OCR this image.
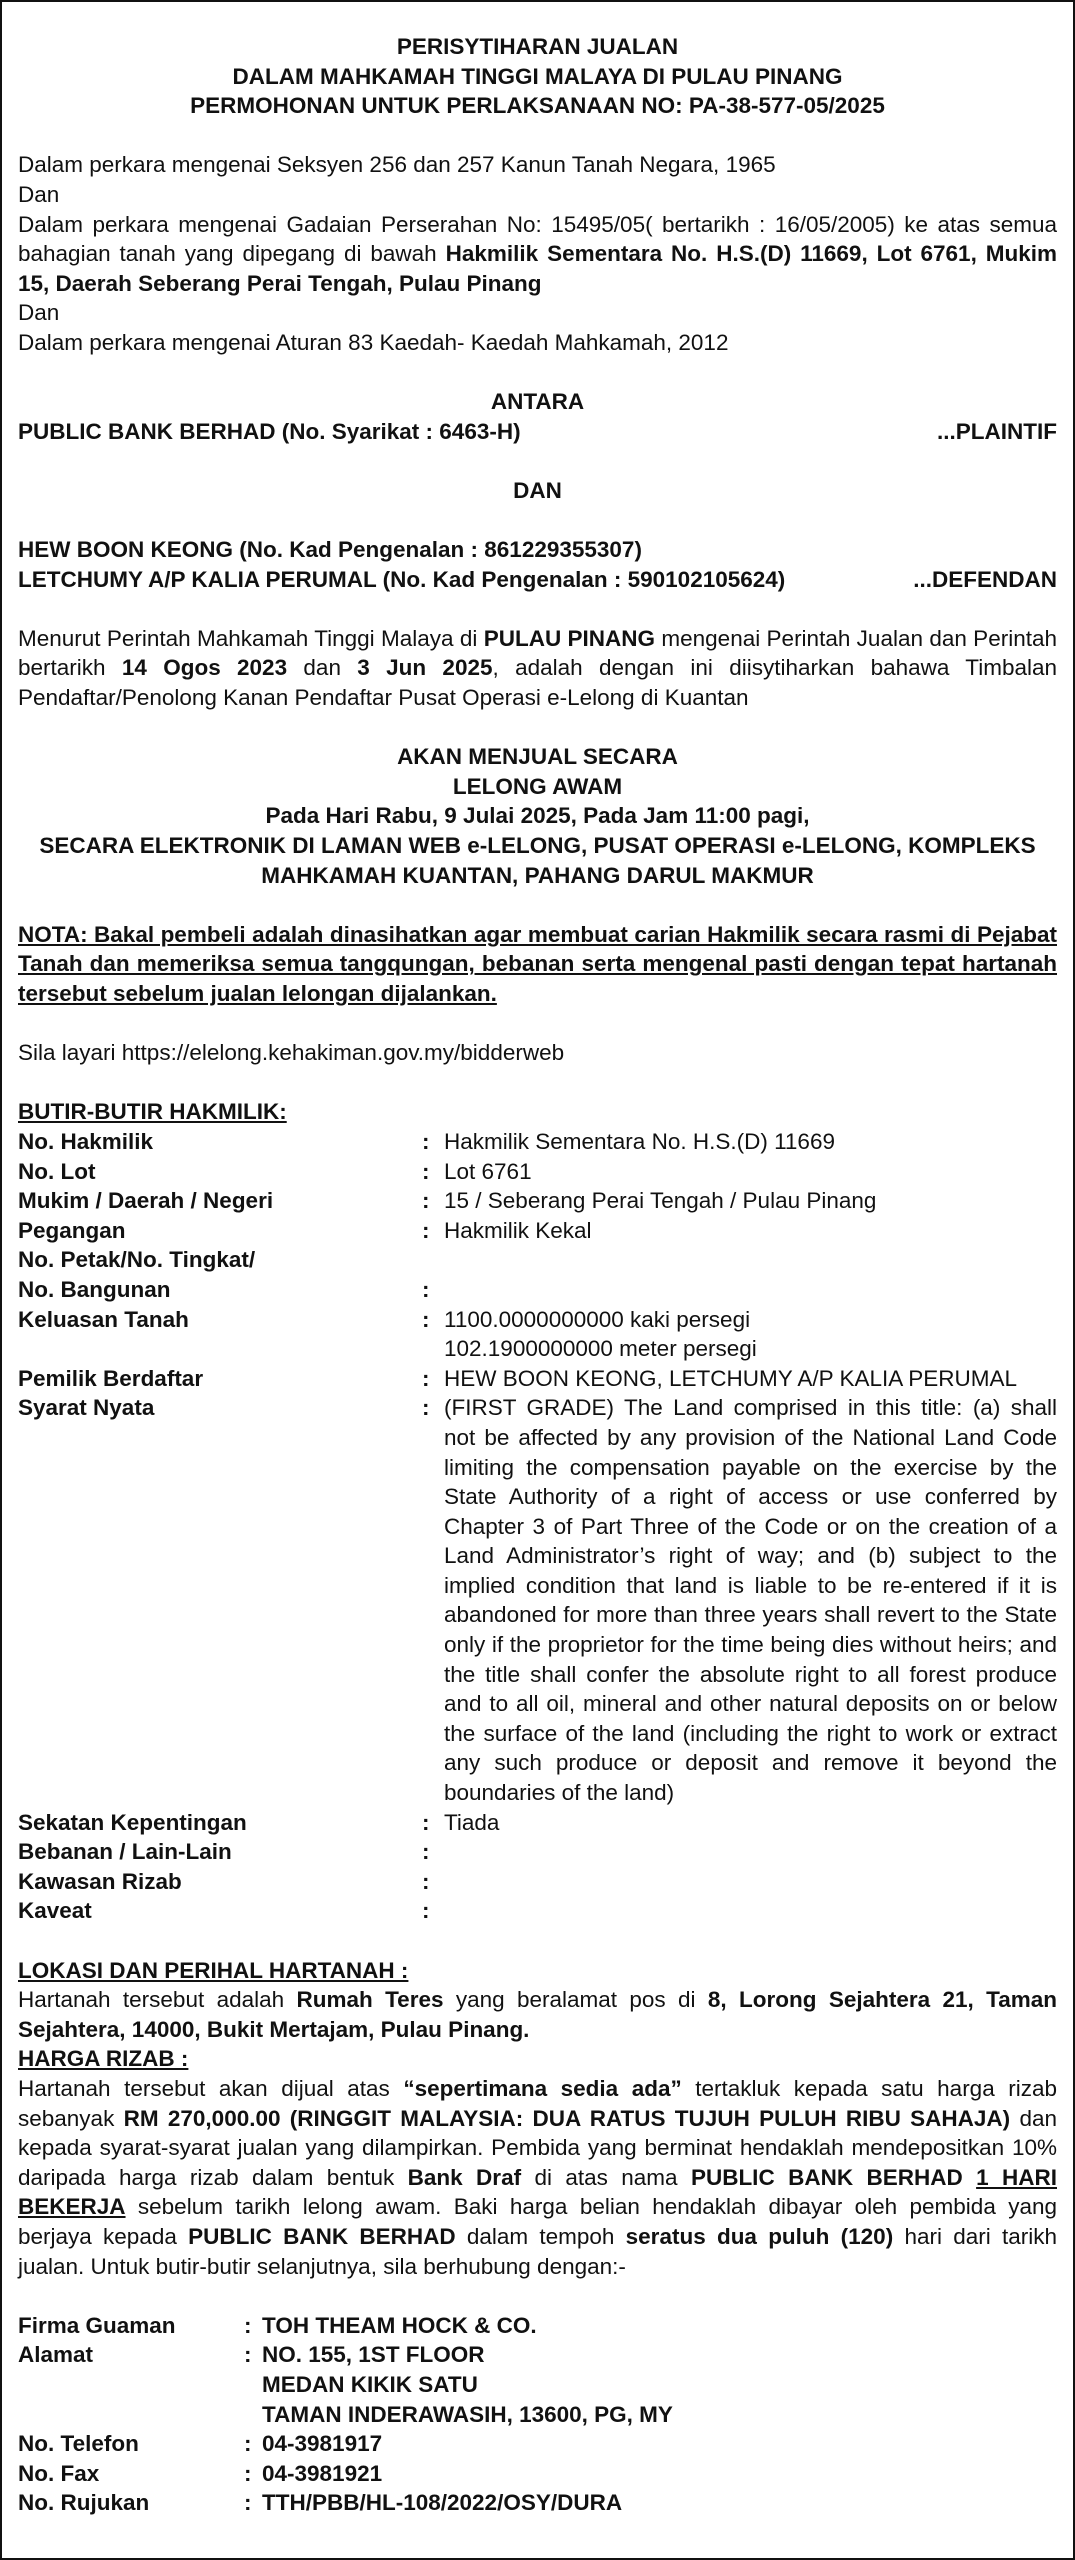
PERISYTIHARAN JUALAN
DALAM MAHKAMAH TINGGI MALAYA DI PULAU PINANG
PERMOHONAN UNTUK PERLAKSANAAN NO: PA-38-577-05/2025
Dalam perkara mengenai Seksyen 256 dan 257 Kanun Tanah Negara, 1965
Dan
Dalam perkara mengenai Gadaian Perserahan No: 15495/05( bertarikh : 16/05/2005) ke atas semua bahagian tanah yang dipegang di bawah Hakmilik Sementara No. H.S.(D) 11669, Lot 6761, Mukim 15, Daerah Seberang Perai Tengah, Pulau Pinang
Dan
Dalam perkara mengenai Aturan 83 Kaedah- Kaedah Mahkamah, 2012
ANTARA
PUBLIC BANK BERHAD (No. Syarikat : 6463-H)	...PLAINTIF
DAN
HEW BOON KEONG (No. Kad Pengenalan : 861229355307)
LETCHUMY A/P KALIA PERUMAL (No. Kad Pengenalan : 590102105624)	...DEFENDAN
Menurut Perintah Mahkamah Tinggi Malaya di PULAU PINANG mengenai Perintah Jualan dan Perintah bertarikh 14 Ogos 2023 dan 3 Jun 2025, adalah dengan ini diisytiharkan bahawa Timbalan Pendaftar/Penolong Kanan Pendaftar Pusat Operasi e-Lelong di Kuantan
AKAN MENJUAL SECARA
LELONG AWAM
Pada Hari Rabu, 9 Julai 2025, Pada Jam 11:00 pagi,
SECARA ELEKTRONIK DI LAMAN WEB e-LELONG, PUSAT OPERASI e-LELONG, KOMPLEKS
MAHKAMAH KUANTAN, PAHANG DARUL MAKMUR
NOTA: Bakal pembeli adalah dinasihatkan agar membuat carian Hakmilik secara rasmi di Pejabat Tanah dan memeriksa semua tangqungan, bebanan serta mengenal pasti dengan tepat hartanah tersebut sebelum jualan lelongan dijalankan.
Sila layari https://elelong.kehakiman.gov.my/bidderweb
BUTIR-BUTIR HAKMILIK:
No. Hakmilik	: Hakmilik Sementara No. H.S.(D) 11669
No. Lot	: Lot 6761
Mukim / Daerah / Negeri	: 15 / Seberang Perai Tengah / Pulau Pinang
Pegangan	: Hakmilik Kekal
No. Petak/No. Tingkat/
No. Bangunan	:
Keluasan Tanah	: 1100.0000000000 kaki persegi
102.1900000000 meter persegi
Pemilik Berdaftar	: HEW BOON KEONG, LETCHUMY A/P KALIA PERUMAL
Syarat Nyata	: (FIRST GRADE) The Land comprised in this title: (a) shall not be affected by any provision of the National Land Code limiting the compensation payable on the exercise by the State Authority of a right of access or use conferred by Chapter 3 of Part Three of the Code or on the creation of a Land Administrator’s right of way; and (b) subject to the implied condition that land is liable to be re-entered if it is abandoned for more than three years shall revert to the State only if the proprietor for the time being dies without heirs; and the title shall confer the absolute right to all forest produce and to all oil, mineral and other natural deposits on or below the surface of the land (including the right to work or extract any such produce or deposit and remove it beyond the boundaries of the land)
Sekatan Kepentingan	: Tiada
Bebanan / Lain-Lain	:
Kawasan Rizab	:
Kaveat	:
LOKASI DAN PERIHAL HARTANAH :
Hartanah tersebut adalah Rumah Teres yang beralamat pos di 8, Lorong Sejahtera 21, Taman Sejahtera, 14000, Bukit Mertajam, Pulau Pinang.
HARGA RIZAB :
Hartanah tersebut akan dijual atas “sepertimana sedia ada” tertakluk kepada satu harga rizab sebanyak RM 270,000.00 (RINGGIT MALAYSIA: DUA RATUS TUJUH PULUH RIBU SAHAJA) dan kepada syarat-syarat jualan yang dilampirkan. Pembida yang berminat hendaklah mendepositkan 10% daripada harga rizab dalam bentuk Bank Draf di atas nama PUBLIC BANK BERHAD 1 HARI BEKERJA sebelum tarikh lelong awam. Baki harga belian hendaklah dibayar oleh pembida yang berjaya kepada PUBLIC BANK BERHAD dalam tempoh seratus dua puluh (120) hari dari tarikh jualan. Untuk butir-butir selanjutnya, sila berhubung dengan:-
Firma Guaman	: TOH THEAM HOCK & CO.
Alamat	: NO. 155, 1ST FLOOR
MEDAN KIKIK SATU
TAMAN INDERAWASIH, 13600, PG, MY
No. Telefon	: 04-3981917
No. Fax	: 04-3981921
No. Rujukan	: TTH/PBB/HL-108/2022/OSY/DURA
